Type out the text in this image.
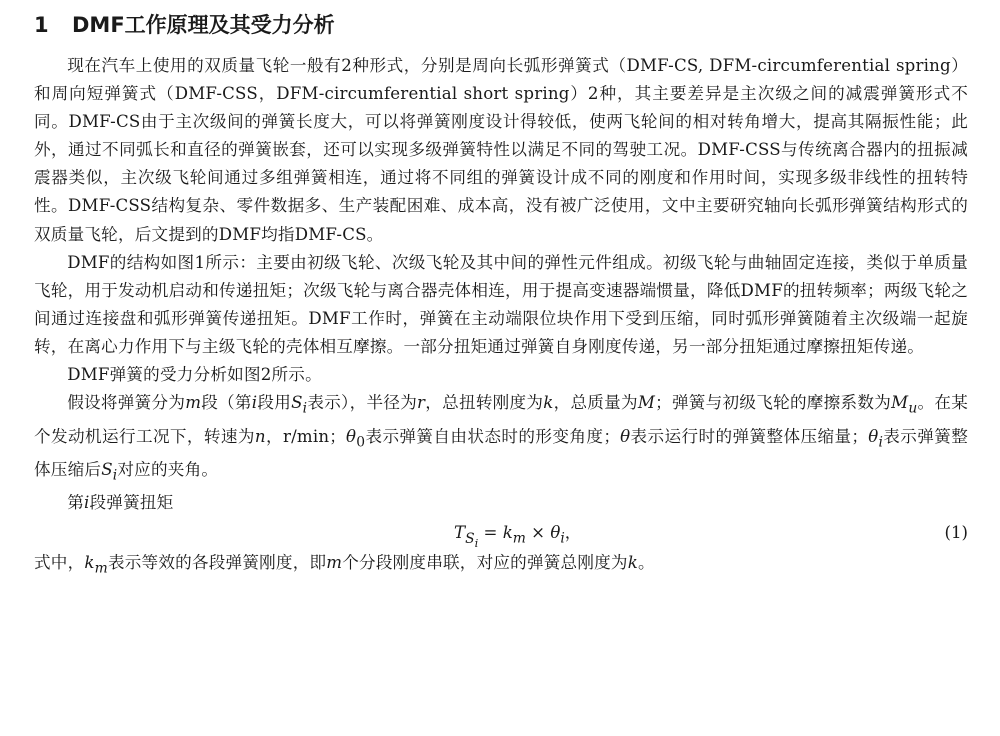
1 DMF工作原理及其受力分析

现在汽车上使用的双质量飞轮一般有2种形式，分别是周向长弧形弹簧式（DMF-CS, DFM-circumferential spring）和周向短弹簧式（DMF-CSS，DFM-circumferential short spring）2种，其主要差异是主次级之间的减震弹簧形式不同。DMF-CS由于主次级间的弹簧长度大，可以将弹簧刚度设计得较低，使两飞轮间的相对转角增大，提高其隔振性能；此外，通过不同弧长和直径的弹簧嵌套，还可以实现多级弹簧特性以满足不同的驾驶工况。DMF-CSS与传统离合器内的扭振减震器类似，主次级飞轮间通过多组弹簧相连，通过将不同组的弹簧设计成不同的刚度和作用时间，实现多级非线性的扭转特性。DMF-CSS结构复杂、零件数据多、生产装配困难、成本高，没有被广泛使用，文中主要研究轴向长弧形弹簧结构形式的双质量飞轮，后文提到的DMF均指DMF-CS。

DMF的结构如图1所示：主要由初级飞轮、次级飞轮及其中间的弹性元件组成。初级飞轮与曲轴固定连接，类似于单质量飞轮，用于发动机启动和传递扭矩；次级飞轮与离合器壳体相连，用于提高变速器端惯量，降低DMF的扭转频率；两级飞轮之间通过连接盘和弧形弹簧传递扭矩。DMF工作时，弹簧在主动端限位块作用下受到压缩，同时弧形弹簧随着主次级端一起旋转，在离心力作用下与主级飞轮的壳体相互摩擦。一部分扭矩通过弹簧自身刚度传递，另一部分扭矩通过摩擦扭矩传递。

DMF弹簧的受力分析如图2所示。

假设将弹簧分为m段（第i段用$S_i$表示），半径为r，总扭转刚度为k，总质量为M；弹簧与初级飞轮的摩擦系数为$M_u$。在某个发动机运行工况下，转速为n，r/min；$\theta_0$表示弹簧自由状态时的形变角度；θ表示运行时的弹簧整体压缩量；$\theta_i$表示弹簧整体压缩后$S_i$对应的夹角。

第i段弹簧扭矩

$T_{S_i} = k_m \times \theta_i$，	(1)

式中，$k_m$表示等效的各段弹簧刚度，即m个分段刚度串联，对应的弹簧总刚度为k。
